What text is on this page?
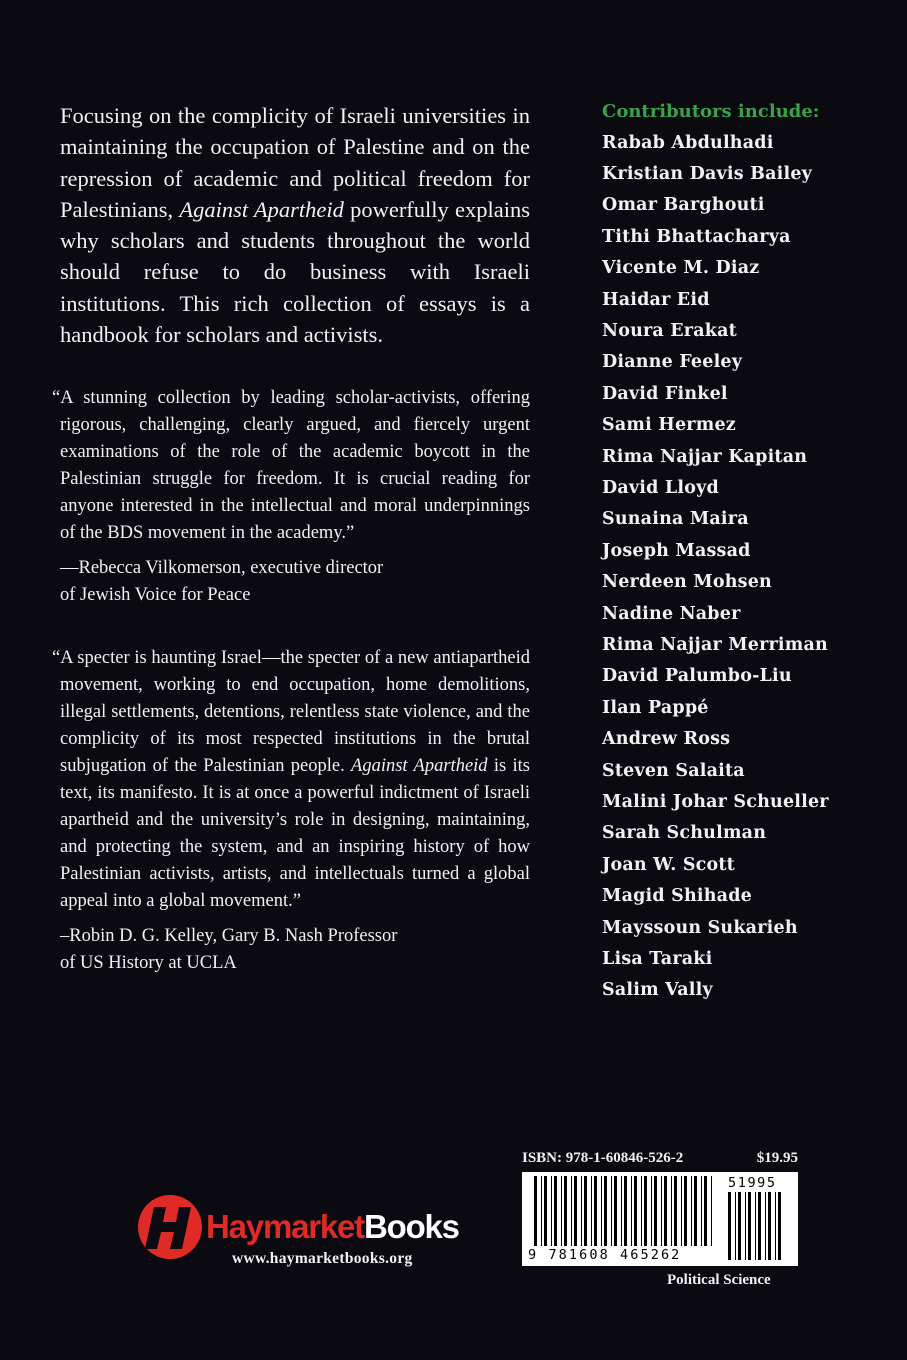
Focusing on the complicity of Israeli universities in maintaining the occupation of Palestine and on the repression of academic and political freedom for Palestinians, Against Apartheid powerfully explains why scholars and students throughout the world should refuse to do business with Israeli institutions. This rich collection of essays is a handbook for scholars and activists.

“A stunning collection by leading scholar-activists, offering rigorous, challenging, clearly argued, and fiercely urgent examinations of the role of the academic boycott in the Palestinian struggle for freedom. It is crucial reading for anyone interested in the intellectual and moral underpinnings of the BDS movement in the academy.”

—Rebecca Vilkomerson, executive director
of Jewish Voice for Peace

“A specter is haunting Israel—the specter of a new antiapartheid movement, working to end occupation, home demolitions, illegal settlements, detentions, relentless state violence, and the complicity of its most respected institutions in the brutal subjugation of the Palestinian people. Against Apartheid is its text, its manifesto. It is at once a powerful indictment of Israeli apartheid and the university’s role in designing, maintaining, and protecting the system, and an inspiring history of how Palestinian activists, artists, and intellectuals turned a global appeal into a global movement.”

–Robin D. G. Kelley, Gary B. Nash Professor
of US History at UCLA
Contributors include:
Rabab Abdulhadi
Kristian Davis Bailey
Omar Barghouti
Tithi Bhattacharya
Vicente M. Diaz
Haidar Eid
Noura Erakat
Dianne Feeley
David Finkel
Sami Hermez
Rima Najjar Kapitan
David Lloyd
Sunaina Maira
Joseph Massad
Nerdeen Mohsen
Nadine Naber
Rima Najjar Merriman
David Palumbo-Liu
Ilan Pappé
Andrew Ross
Steven Salaita
Malini Johar Schueller
Sarah Schulman
Joan W. Scott
Magid Shihade
Mayssoun Sukarieh
Lisa Taraki
Salim Vally
ISBN: 978-1-60846-526-2	$19.95
9 781608 465262
51995
Political Science
HaymarketBooks
www.haymarketbooks.org
